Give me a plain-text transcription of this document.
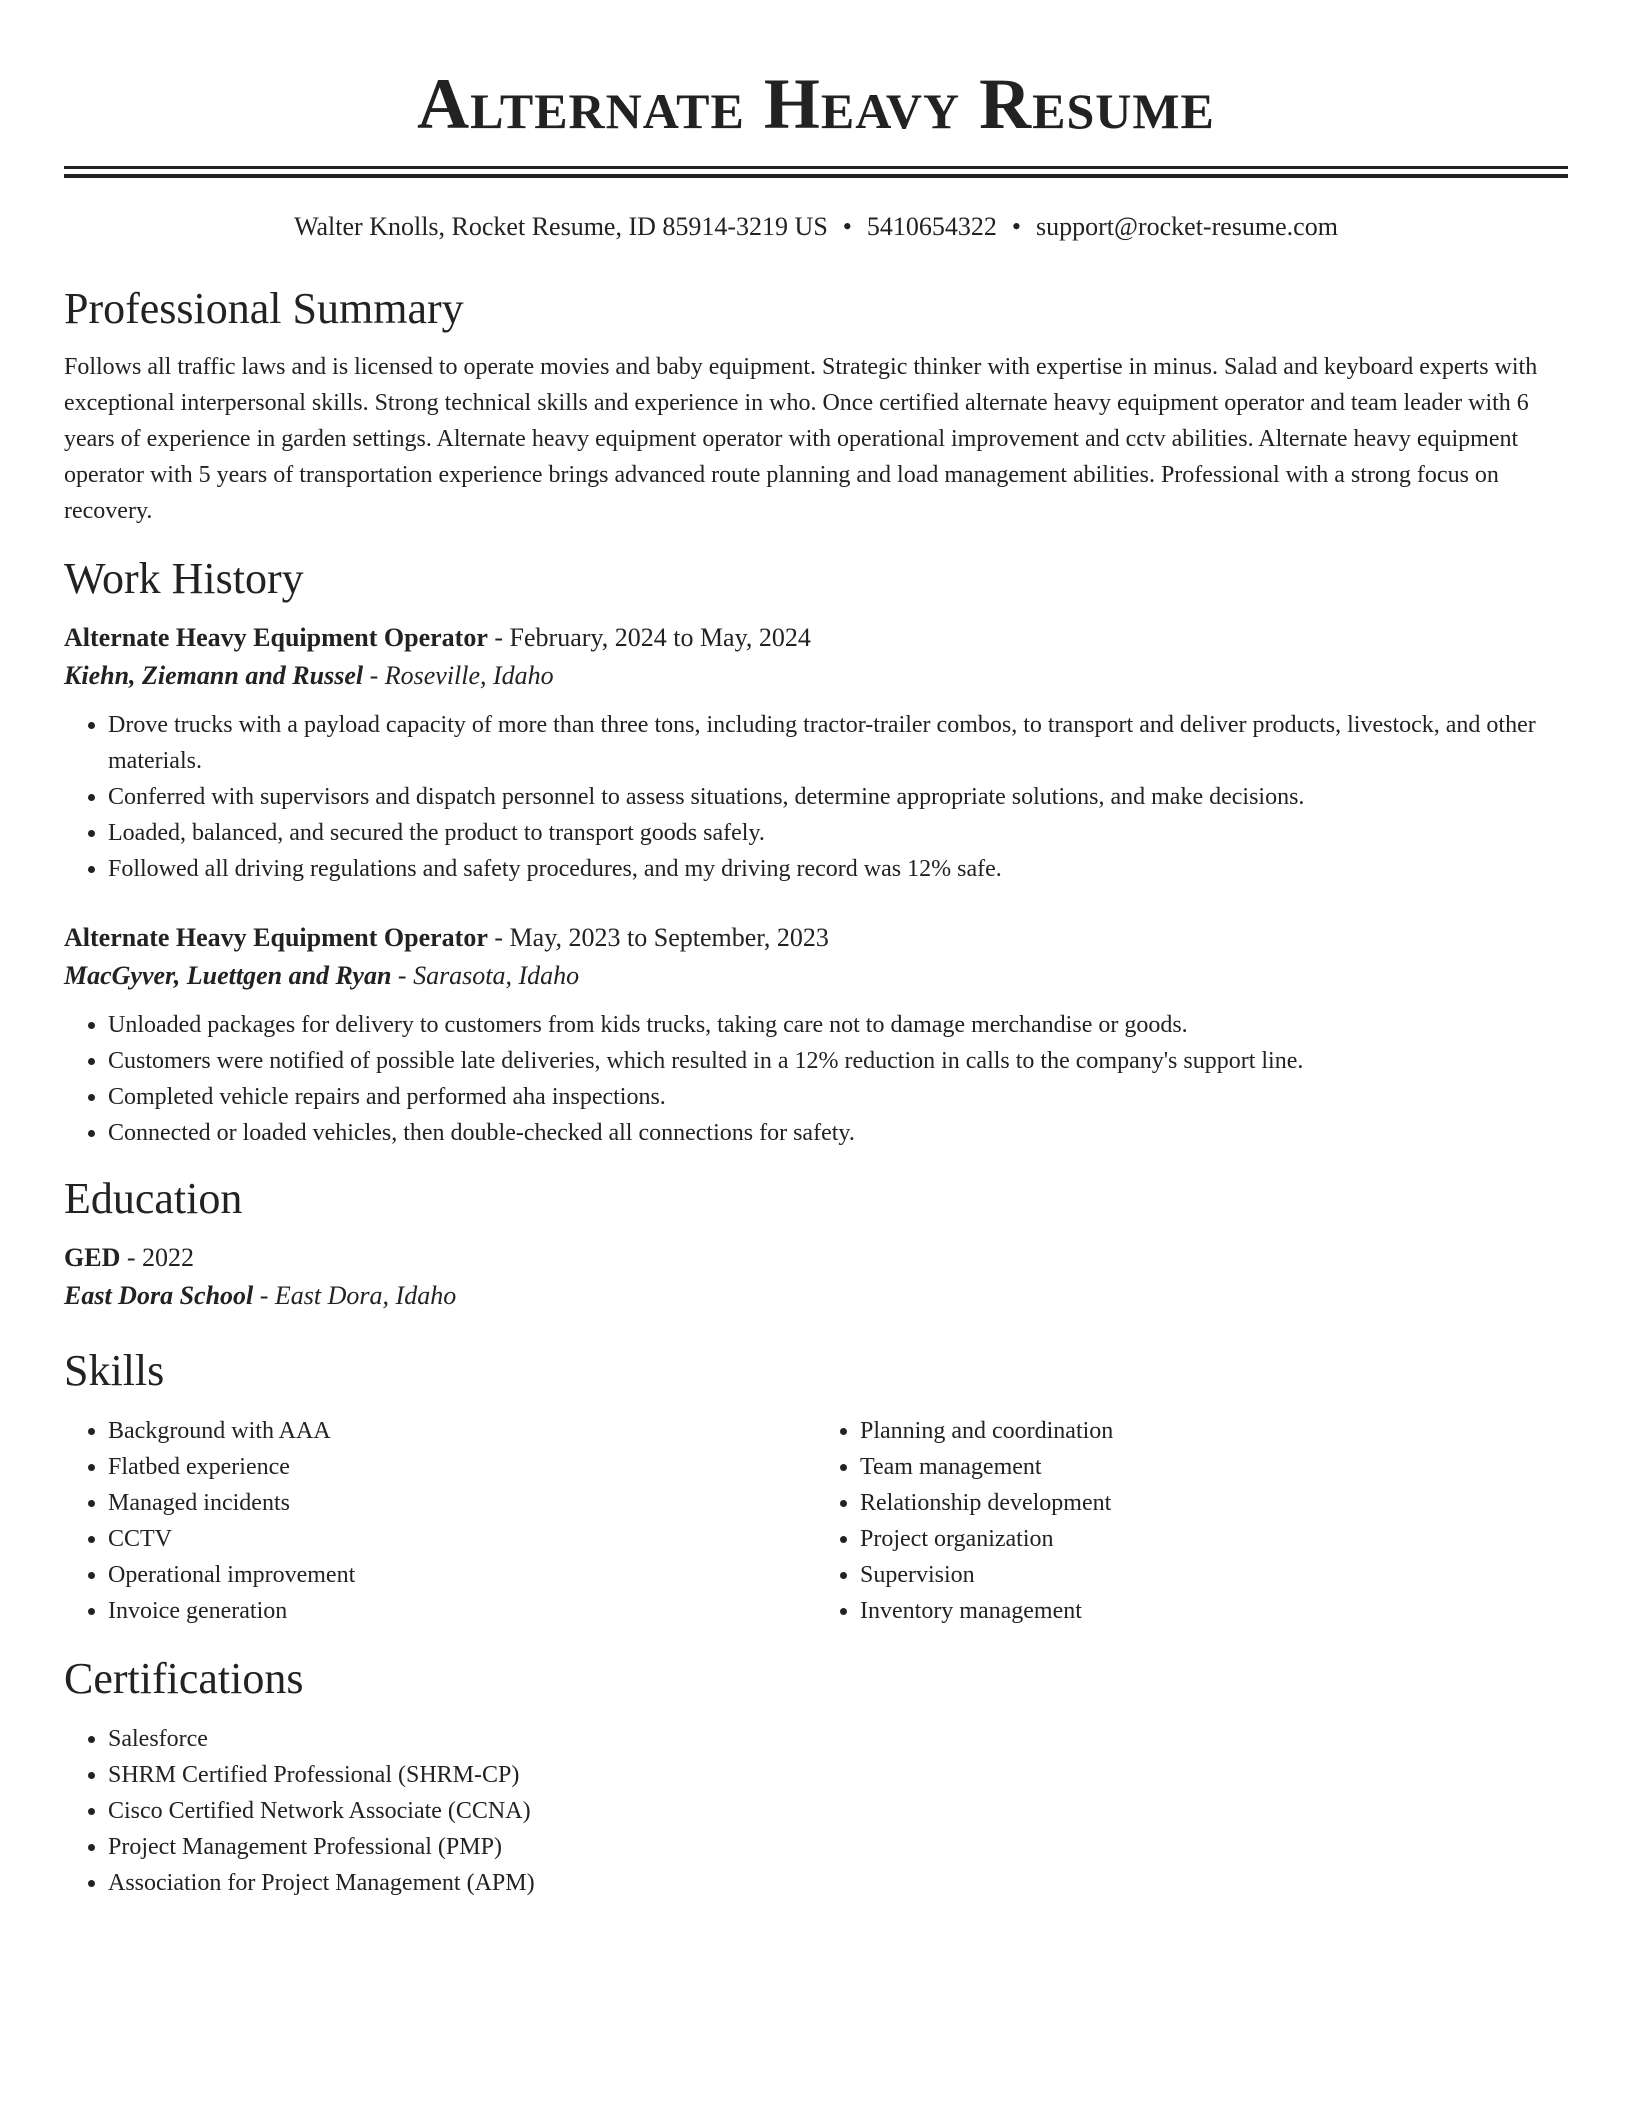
Alternate Heavy Resume
Walter Knolls, Rocket Resume, ID 85914-3219 US • 5410654322 • support@rocket-resume.com
Professional Summary

Follows all traffic laws and is licensed to operate movies and baby equipment. Strategic thinker with expertise in minus. Salad and keyboard experts with exceptional interpersonal skills. Strong technical skills and experience in who. Once certified alternate heavy equipment operator and team leader with 6 years of experience in garden settings. Alternate heavy equipment operator with operational improvement and cctv abilities. Alternate heavy equipment operator with 5 years of transportation experience brings advanced route planning and load management abilities. Professional with a strong focus on recovery.

Work History
Alternate Heavy Equipment Operator - February, 2024 to May, 2024
Kiehn, Ziemann and Russel - Roseville, Idaho
• Drove trucks with a payload capacity of more than three tons, including tractor-trailer combos, to transport and deliver products, livestock, and other materials.
• Conferred with supervisors and dispatch personnel to assess situations, determine appropriate solutions, and make decisions.
• Loaded, balanced, and secured the product to transport goods safely.
• Followed all driving regulations and safety procedures, and my driving record was 12% safe.
Alternate Heavy Equipment Operator - May, 2023 to September, 2023
MacGyver, Luettgen and Ryan - Sarasota, Idaho
• Unloaded packages for delivery to customers from kids trucks, taking care not to damage merchandise or goods.
• Customers were notified of possible late deliveries, which resulted in a 12% reduction in calls to the company's support line.
• Completed vehicle repairs and performed aha inspections.
• Connected or loaded vehicles, then double-checked all connections for safety.
Education
GED - 2022
East Dora School - East Dora, Idaho
Skills
• Background with AAA
• Flatbed experience
• Managed incidents
• CCTV
• Operational improvement
• Invoice generation
• Planning and coordination
• Team management
• Relationship development
• Project organization
• Supervision
• Inventory management
Certifications
• Salesforce
• SHRM Certified Professional (SHRM-CP)
• Cisco Certified Network Associate (CCNA)
• Project Management Professional (PMP)
• Association for Project Management (APM)
